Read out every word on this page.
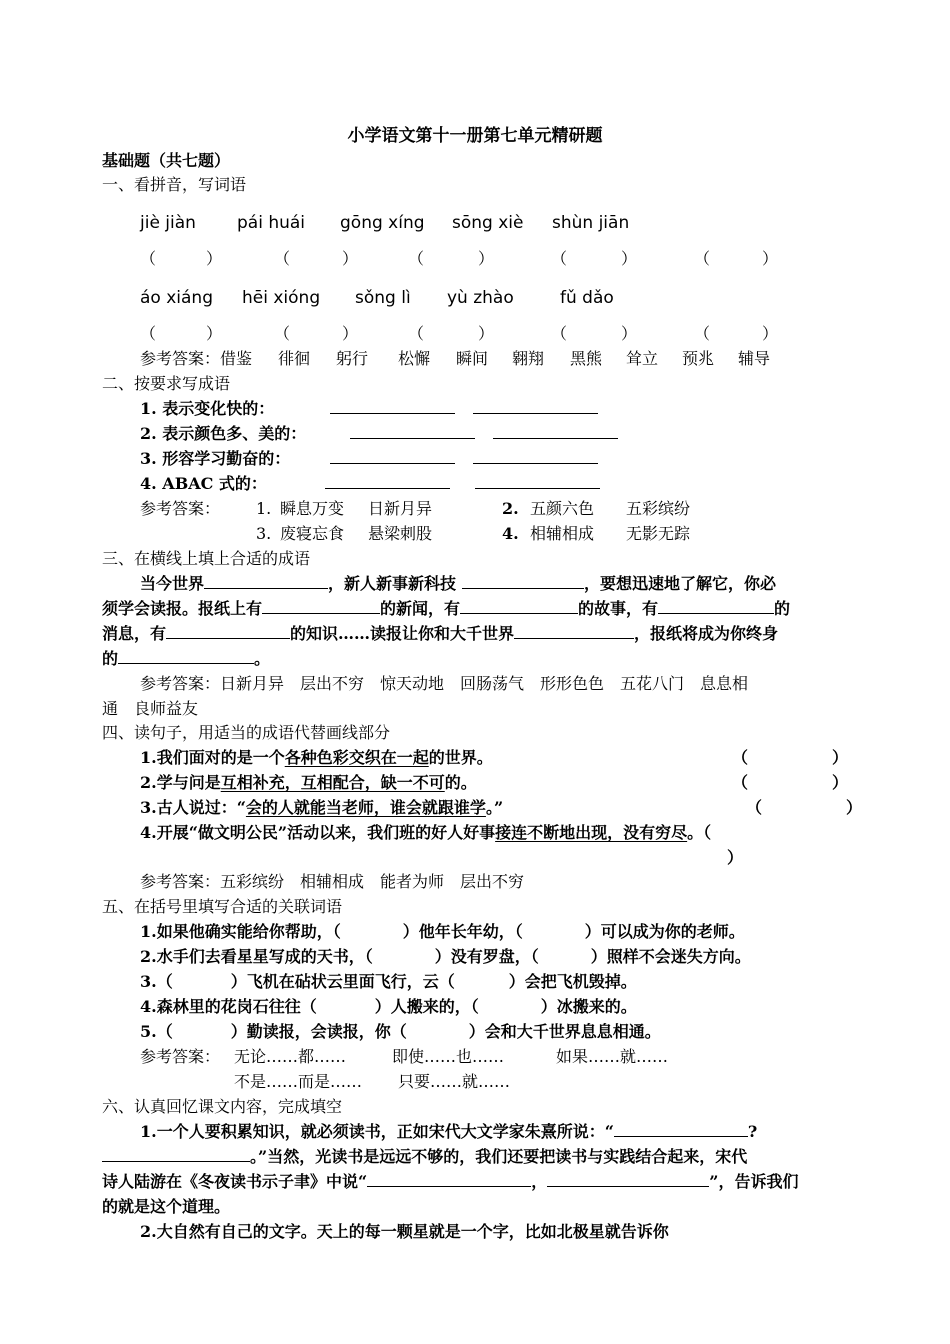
小学语文第十一册第七单元精研题
基础题（共七题）
一、看拼音，写词语
jiè jiàn pái huái gōng xíng sōng xiè shùn jiān
（	）	（	）	（	）	（	）	（	）
áo xiáng hēi xióng sǒng lì yù zhào	fǔ dǎo
（	）	（	）	（	）	（	）	（	）
参考答案：借鉴 徘徊 躬行 松懈 瞬间 翱翔 黑熊 耸立 预兆 辅导
二、按要求写成语
1. 表示变化快的：
2. 表示颜色多、美的：
3. 形容学习勤奋的：
4. ABAC 式的：
参考答案： 1. 瞬息万变 日新月异	2. 五颜六色 五彩缤纷
3. 废寝忘食 悬梁刺股	4. 相辅相成 无影无踪
三、在横线上填上合适的成语
当今世界	，新人新事新科技	，要想迅速地了解它，你必
须学会读报。报纸上有	的新闻，有	的故事，有	的
消息，有	的知识……读报让你和大千世界	，报纸将成为你终身
的	。
参考答案：日新月异　层出不穷　惊天动地　回肠荡气　形形色色　五花八门　息息相
通　良师益友
四、读句子，用适当的成语代替画线部分
1.我们面对的是一个各种色彩交织在一起的世界。	（	）
2.学与问是互相补充，互相配合，缺一不可的。	（	）
3.古人说过：“会的人就能当老师，谁会就跟谁学。”	（	）
4.开展“做文明公民”活动以来，我们班的好人好事接连不断地出现，没有穷尽。（
）
参考答案：五彩缤纷　相辅相成　能者为师　层出不穷
五、在括号里填写合适的关联词语
1.如果他确实能给你帮助，（	）他年长年幼，（	）可以成为你的老师。
2.水手们去看星星写成的天书，（	）没有罗盘，（	）照样不会迷失方向。
3.（	）飞机在砧状云里面飞行，云（	）会把飞机毁掉。
4.森林里的花岗石往往（	）人搬来的，（	）冰搬来的。
5.（	）勤读报，会读报，你（	）会和大千世界息息相通。
参考答案： 无论……都……	即使……也……	如果……就……
不是……而是…… 只要……就……
六、认真回忆课文内容，完成填空
1.一个人要积累知识，就必须读书，正如宋代大文学家朱熹所说：“	?
。”当然，光读书是远远不够的，我们还要把读书与实践结合起来，宋代
诗人陆游在《冬夜读书示子聿》中说“	，	”，告诉我们
的就是这个道理。
2.大自然有自己的文字。天上的每一颗星就是一个字，比如北极星就告诉你
